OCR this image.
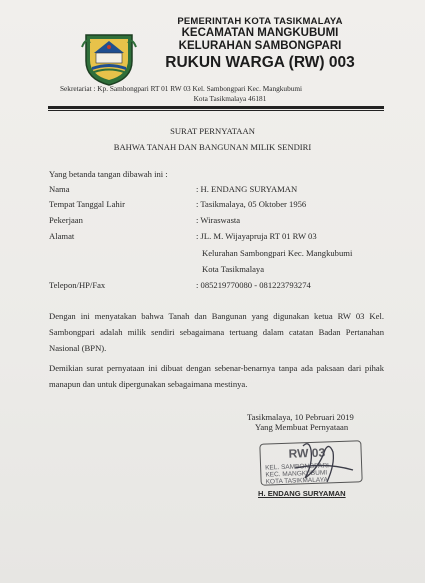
PEMERINTAH KOTA TASIKMALAYA
KECAMATAN MANGKUBUMI
KELURAHAN SAMBONGPARI
RUKUN WARGA (RW) 003
Sekretariat : Kp. Sambongpari RT 01 RW 03 Kel. Sambongpari Kec. Mangkubumi
Kota Tasikmalaya 46181
SURAT PERNYATAAN
BAHWA TANAH DAN BANGUNAN MILIK SENDIRI
Yang betanda tangan dibawah ini :
Nama	: H. ENDANG SURYAMAN
Tempat Tanggal Lahir	: Tasikmalaya, 05 Oktober 1956
Pekerjaan	: Wiraswasta
Alamat	: JL. M. Wijayapruja RT 01 RW 03
Kelurahan Sambongpari Kec. Mangkubumi
Kota Tasikmalaya
Telepon/HP/Fax	: 085219770080 - 081223793274
Dengan ini menyatakan bahwa Tanah dan Bangunan yang digunakan ketua RW 03 Kel. Sambongpari adalah milik sendiri sebagaimana tertuang dalam catatan Badan Pertanahan Nasional (BPN).
Demikian surat pernyataan ini dibuat dengan sebenar-benarnya tanpa ada paksaan dari pihak manapun dan untuk dipergunakan sebagaimana mestinya.
Tasikmalaya, 10 Pebruari 2019
Yang Membuat Pernyataan
RW 03
KEL. SAMBONGPARI
KEC. MANGKUBUMI
KOTA TASIKMALAYA
H. ENDANG SURYAMAN
